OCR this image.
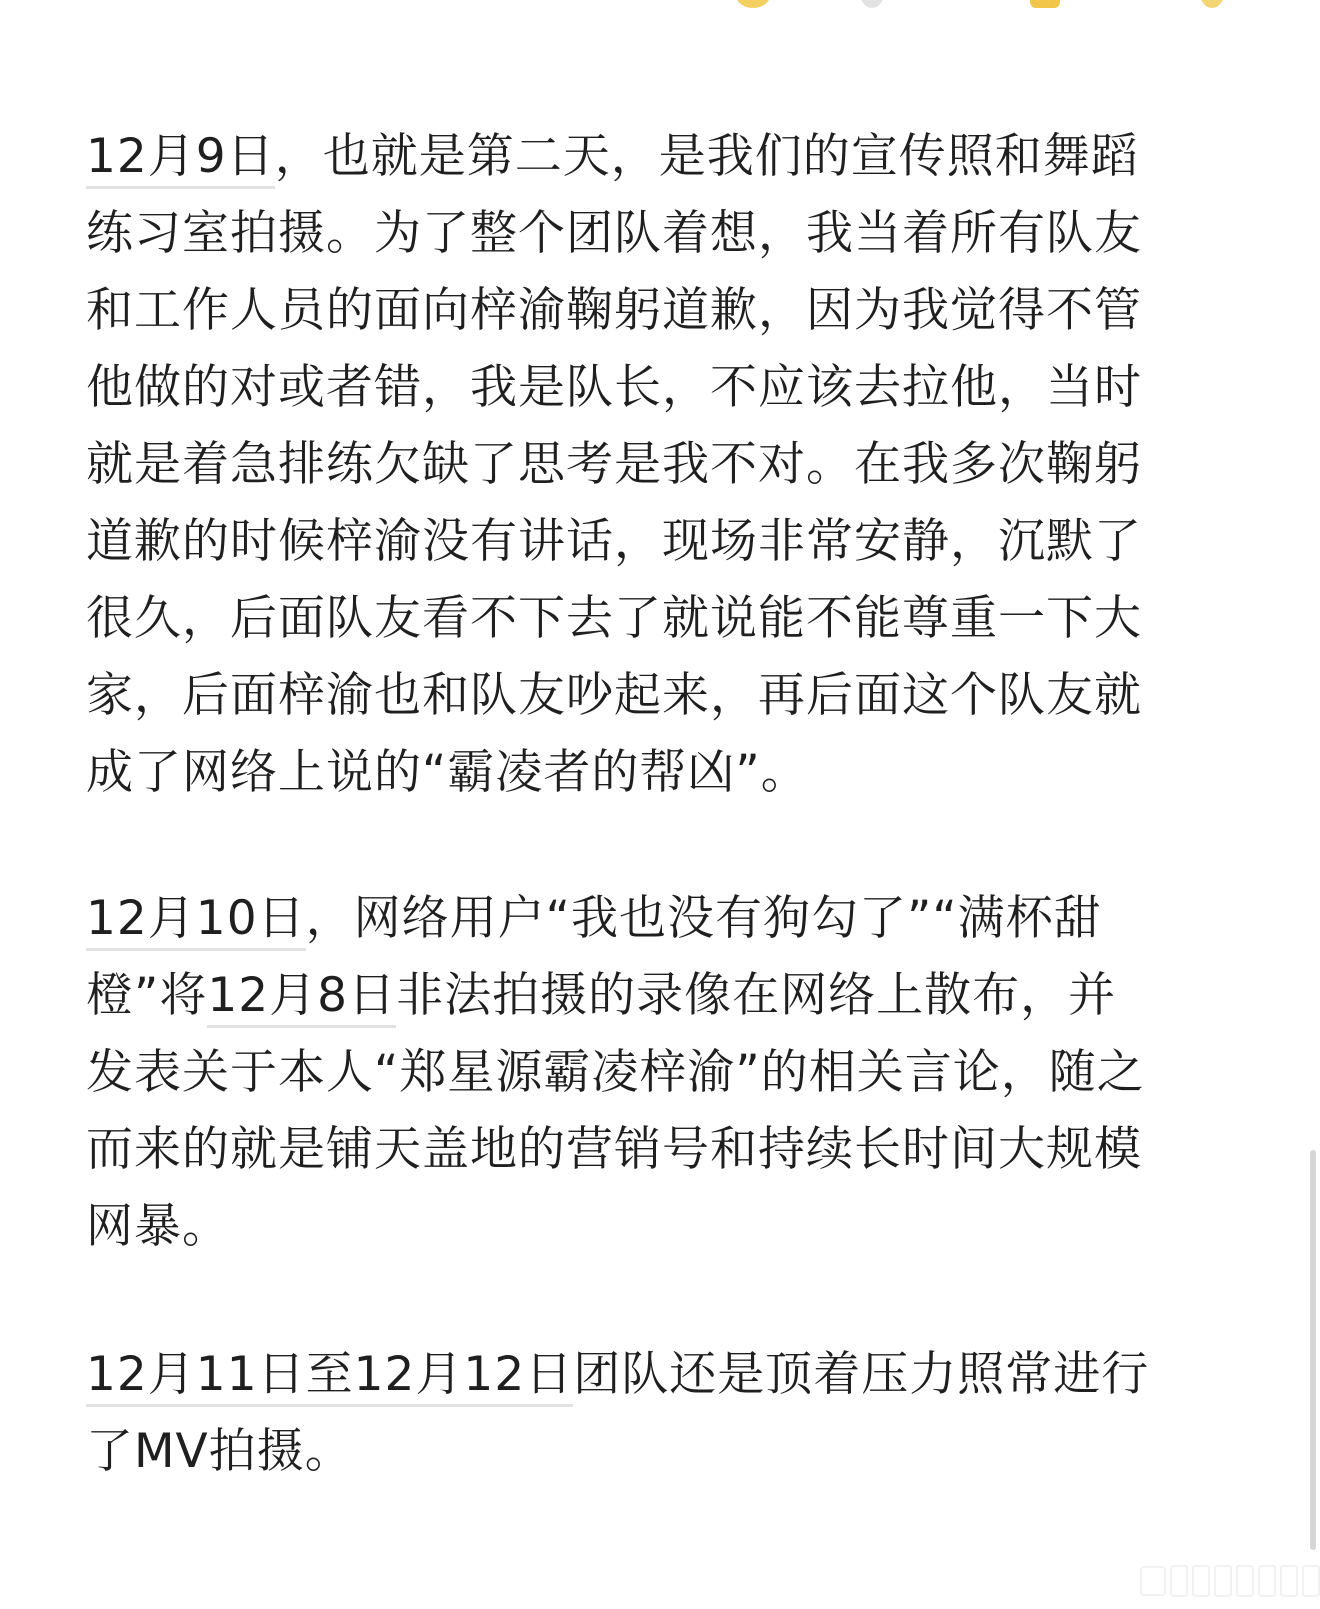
12月9日，也就是第二天，是我们的宣传照和舞蹈练习室拍摄。为了整个团队着想，我当着所有队友和工作人员的面向梓渝鞠躬道歉，因为我觉得不管他做的对或者错，我是队长，不应该去拉他，当时就是着急排练欠缺了思考是我不对。在我多次鞠躬道歉的时候梓渝没有讲话，现场非常安静，沉默了很久，后面队友看不下去了就说能不能尊重一下大家，后面梓渝也和队友吵起来，再后面这个队友就成了网络上说的“霸凌者的帮凶”。

12月10日，网络用户“我也没有狗勾了”“满杯甜橙”将12月8日非法拍摄的录像在网络上散布，并发表关于本人“郑星源霸凌梓渝”的相关言论，随之而来的就是铺天盖地的营销号和持续长时间大规模网暴。

12月11日至12月12日团队还是顶着压力照常进行了MV拍摄。
